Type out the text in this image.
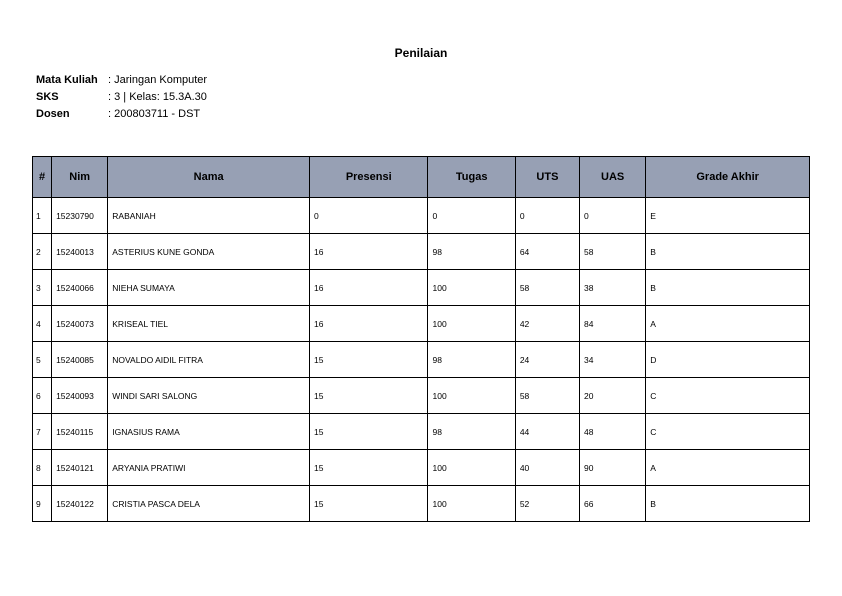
Penilaian
Mata Kuliah : Jaringan Komputer
SKS	: 3 | Kelas: 15.3A.30
Dosen	: 200803711 - DST
#	Nim	Nama	Presensi	Tugas	UTS	UAS	Grade Akhir
1	15230790	RABANIAH	0	0	0	0	E
2	15240013	ASTERIUS KUNE GONDA	16	98	64	58	B
3	15240066	NIEHA SUMAYA	16	100	58	38	B
4	15240073	KRISEAL TIEL	16	100	42	84	A
5	15240085	NOVALDO AIDIL FITRA	15	98	24	34	D
6	15240093	WINDI SARI SALONG	15	100	58	20	C
7	15240115	IGNASIUS RAMA	15	98	44	48	C
8	15240121	ARYANIA PRATIWI	15	100	40	90	A
9	15240122	CRISTIA PASCA DELA	15	100	52	66	B
